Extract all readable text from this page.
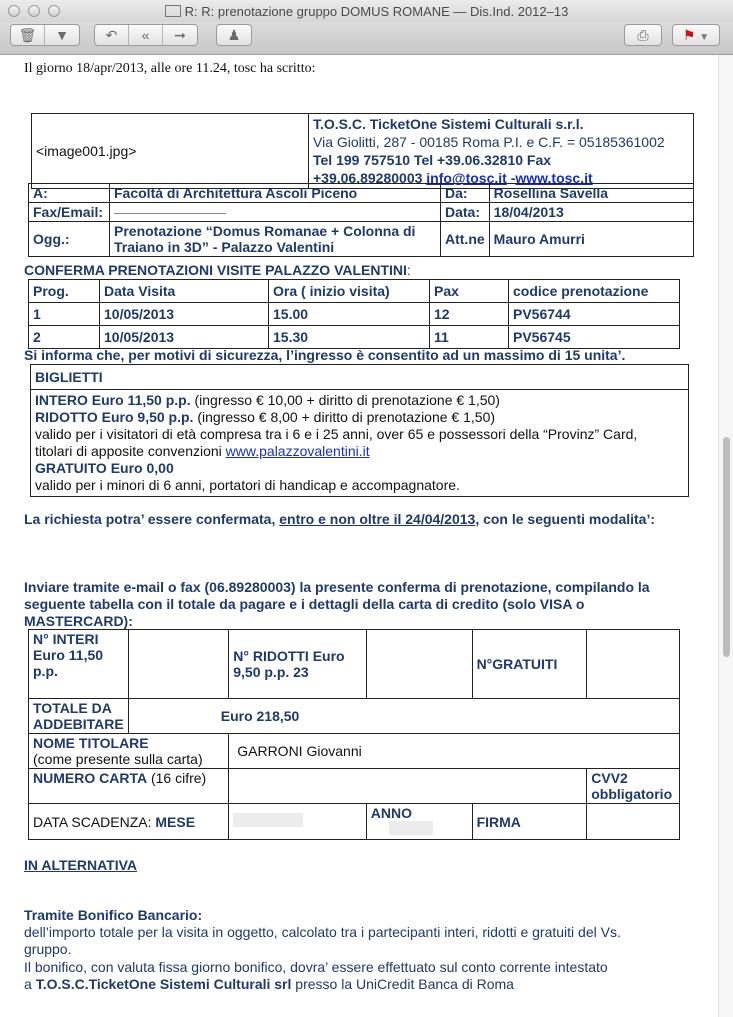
R: R: prenotazione gruppo DOMUS ROMANE — Dis.Ind. 2012–13
🗑 ▼	↶ « ➞	♟	⎙	⚑ ▼
Il giorno 18/apr/2013, alle ore 11.24, tosc ha scritto:
<image001.jpg>	T.O.S.C. TicketOne Sistemi Culturali s.r.l.
Via Giolitti, 287 - 00185 Roma P.I. e C.F. = 05185361002
Tel 199 757510 Tel +39.06.32810 Fax
+39.06.89280003 info@tosc.it -www.tosc.it
A:	Facoltà di Architettura Ascoli Piceno	Da:	Rosellina Savella
Fax/Email:		Data:	18/04/2013
Ogg.:	Prenotazione “Domus Romanae + Colonna di Traiano in 3D” - Palazzo Valentini	Att.ne	Mauro Amurri
CONFERMA PRENOTAZIONI VISITE PALAZZO VALENTINI:
Prog.	Data Visita	Ora ( inizio visita)	Pax	codice prenotazione
1	10/05/2013	15.00	12	PV56744
2	10/05/2013	15.30	11	PV56745
Si informa che, per motivi di sicurezza, l’ingresso è consentito ad un massimo di 15 unita’.
BIGLIETTI
INTERO Euro 11,50 p.p. (ingresso € 10,00 + diritto di prenotazione € 1,50)
RIDOTTO Euro 9,50 p.p. (ingresso € 8,00 + diritto di prenotazione € 1,50)
valido per i visitatori di età compresa tra i 6 e i 25 anni, over 65 e possessori della “Provinz” Card,
titolari di apposite convenzioni www.palazzovalentini.it
GRATUITO Euro 0,00
valido per i minori di 6 anni, portatori di handicap e accompagnatore.
La richiesta potra’ essere confermata, entro e non oltre il 24/04/2013, con le seguenti modalita’:
Inviare tramite e-mail o fax (06.89280003) la presente conferma di prenotazione, compilando la seguente tabella con il totale da pagare e i dettagli della carta di credito (solo VISA o MASTERCARD):
N° INTERI Euro 11,50 p.p.		N° RIDOTTI Euro 9,50 p.p. 23		N°GRATUITI	
TOTALE DA ADDEBITARE	Euro 218,50				
NOME TITOLARE
(come presente sulla carta)		GARRONI Giovanni			
NUMERO CARTA (16 cifre)					CVV2 obbligatorio
DATA SCADENZA: MESE			ANNO	FIRMA	
IN ALTERNATIVA
Tramite Bonifico Bancario:
dell’importo totale per la visita in oggetto, calcolato tra i partecipanti interi, ridotti e gratuiti del Vs. gruppo.
Il bonifico, con valuta fissa giorno bonifico, dovra’ essere effettuato sul conto corrente intestato
a T.O.S.C.TicketOne Sistemi Culturali srl presso la UniCredit Banca di Roma
